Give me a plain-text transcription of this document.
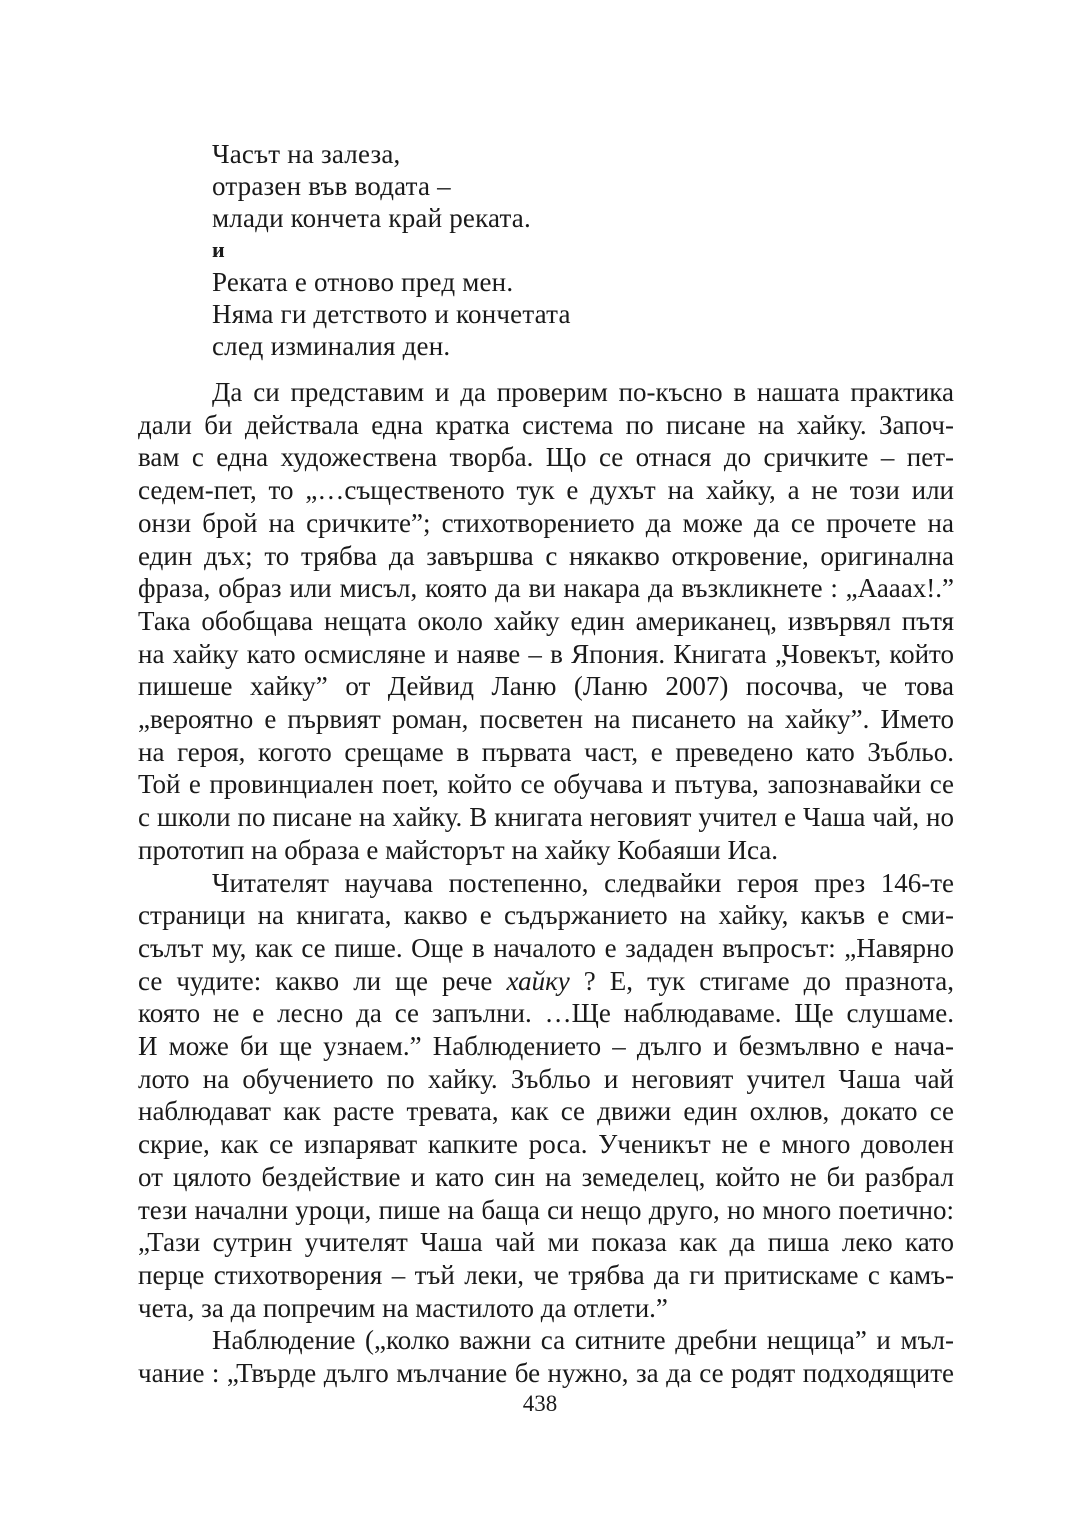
Часът на залеза,
отразен във водата –
млади кончета край реката.
и
Реката е отново пред мен.
Няма ги детството и кончетата
след изминалия ден.
Да си представим и да проверим по-късно в нашата практика
дали би действала една кратка система по писане на хайку. Започ-
вам с една художествена творба. Що се отнася до сричките – пет-
седем-пет, то „…същественото тук е духът на хайку, а не този или
онзи брой на сричките”; стихотворението да може да се прочете на
един дъх; то трябва да завършва с някакво откровение, оригинална
фраза, образ или мисъл, която да ви накара да възкликнете : „Ааааx!.”
Така обобщава нещата около хайку един американец, извървял пътя
на хайку като осмисляне и наяве – в Япония. Книгата „Човекът, който
пишеше хайку” от Дейвид Ланю (Ланю 2007) посочва, че това
„вероятно е първият роман, посветен на писането на хайку”. Името
на героя, когото срещаме в първата част, е преведено като Зъбльо.
Той е провинциален поет, който се обучава и пътува, запознавайки се
с школи по писане на хайку. В книгата неговият учител е Чаша чай, но
прототип на образа е майсторът на хайку Кобаяши Иса.
Читателят научава постепенно, следвайки героя през 146-те
страници на книгата, какво е съдържанието на хайку, какъв е сми-
сълът му, как се пише. Още в началото е зададен въпросът: „Навярно
се чудите: какво ли ще рече хайку ? Е, тук стигаме до празнота,
която не е лесно да се запълни. …Ще наблюдаваме. Ще слушаме.
И може би ще узнаем.” Наблюдението – дълго и безмълвно е нача-
лото на обучението по хайку. Зъбльо и неговият учител Чаша чай
наблюдават как расте тревата, как се движи един охлюв, докато се
скрие, как се изпаряват капките роса. Ученикът не е много доволен
от цялото бездействие и като син на земеделец, който не би разбрал
тези начални уроци, пише на баща си нещо друго, но много поетично:
„Тази сутрин учителят Чаша чай ми показа как да пиша леко като
перце стихотворения – тъй леки, че трябва да ги притискаме с камъ-
чета, за да попречим на мастилото да отлети.”
Наблюдение („колко важни са ситните дребни нещица” и мъл-
чание : „Твърде дълго мълчание бе нужно, за да се родят подходящите
438
